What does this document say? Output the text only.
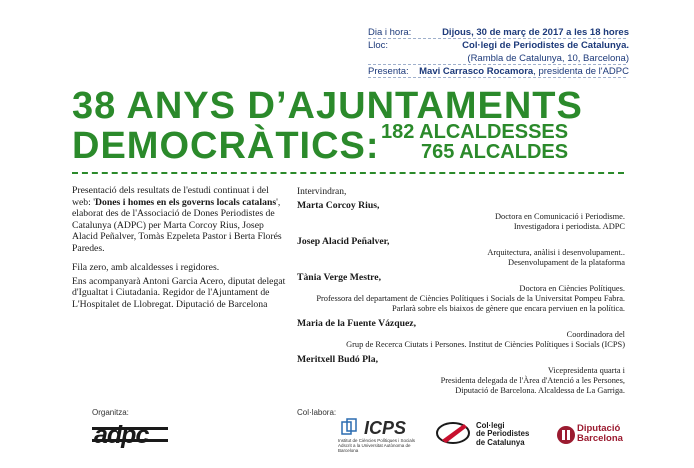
Dia i hora:	Dijous, 30 de març de 2017 a les 18 hores
Lloc:	Col·legi de Periodistes de Catalunya.
(Rambla de Catalunya, 10, Barcelona)
Presenta: Mavi Carrasco Rocamora, presidenta de l'ADPC
38 ANYS D’AJUNTAMENTS
DEMOCRÀTICS: 182 ALCALDESSES
765 ALCALDES

Presentació dels resultats de l'estudi continuat i del web: 'Dones i homes en els governs locals catalans', elaborat des de l'Associació de Dones Periodistes de Catalunya (ADPC) per Marta Corcoy Rius, Josep Alacid Peñalver, Tomàs Ezpeleta Pastor i Berta Florés Paredes.

Fila zero, amb alcaldesses i regidores.

Ens acompanyarà Antoni Garcia Acero, diputat delegat d'Igualtat i Ciutadania. Regidor de l'Ajuntament de L'Hospitalet de Llobregat. Diputació de Barcelona

Intervindran,
Marta Corcoy Rius,
Doctora en Comunicació i Periodisme.
Investigadora i periodista. ADPC
Josep Alacid Peñalver,
Arquitectura, anàlisi i desenvolupament..
Desenvolupament de la plataforma
Tània Verge Mestre,
Doctora en Ciències Polítiques.
Professora del departament de Ciències Polítiques i Socials de la Universitat Pompeu Fabra.
Parlarà sobre els biaixos de gènere que encara perviuen en la política.
Maria de la Fuente Vázquez,
Coordinadora del
Grup de Recerca Ciutats i Persones. Institut de Ciències Polítiques i Socials (ICPS)
Meritxell Budó Pla,
Vicepresidenta quarta i
Presidenta delegada de l'Àrea d'Atenció a les Persones,
Diputació de Barcelona. Alcaldessa de La Garriga.
Organitza:	Col·labora:
adpc	ICPS
Institut de Ciències Polítiques i Socials
Adscrit a la Universitat Autònoma de Barcelona
Col·legi
de Periodistes
de Catalunya
Diputació
Barcelona
